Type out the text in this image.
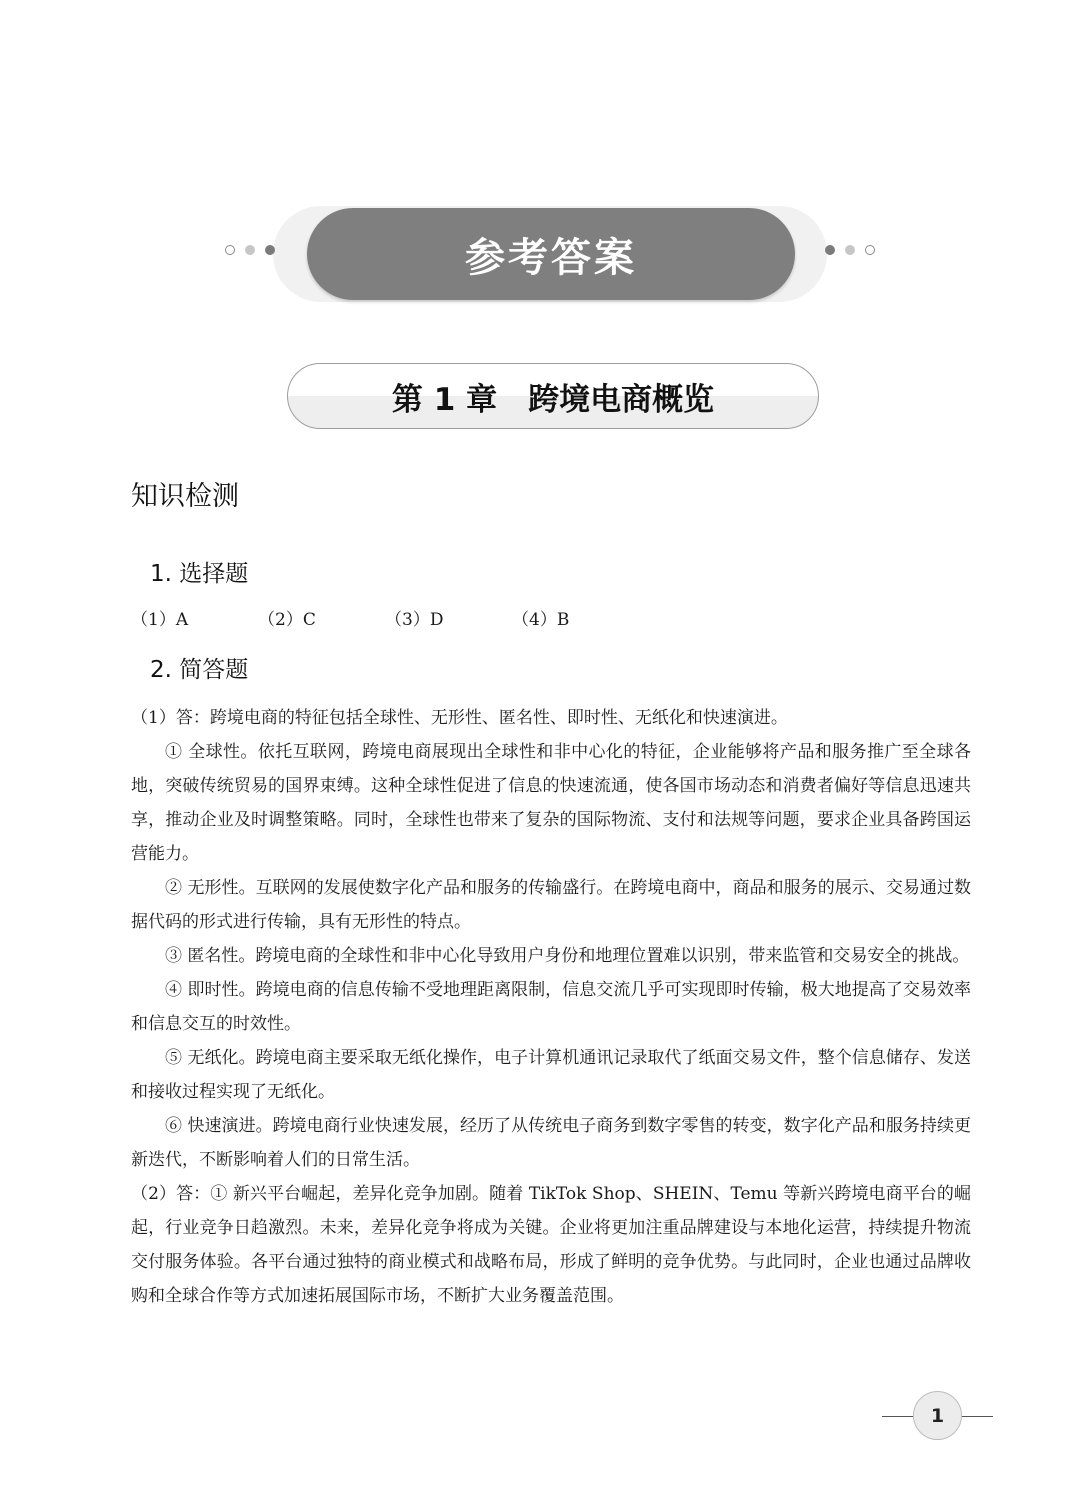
参考答案
第 1 章　跨境电商概览
知识检测
1. 选择题
（1）A	（2）C	（3）D	（4）B
2. 简答题

（1）答：跨境电商的特征包括全球性、无形性、匿名性、即时性、无纸化和快速演进。

① 全球性。依托互联网，跨境电商展现出全球性和非中心化的特征，企业能够将产品和服务推广至全球各地，突破传统贸易的国界束缚。这种全球性促进了信息的快速流通，使各国市场动态和消费者偏好等信息迅速共享，推动企业及时调整策略。同时，全球性也带来了复杂的国际物流、支付和法规等问题，要求企业具备跨国运营能力。

② 无形性。互联网的发展使数字化产品和服务的传输盛行。在跨境电商中，商品和服务的展示、交易通过数据代码的形式进行传输，具有无形性的特点。

③ 匿名性。跨境电商的全球性和非中心化导致用户身份和地理位置难以识别，带来监管和交易安全的挑战。

④ 即时性。跨境电商的信息传输不受地理距离限制，信息交流几乎可实现即时传输，极大地提高了交易效率和信息交互的时效性。

⑤ 无纸化。跨境电商主要采取无纸化操作，电子计算机通讯记录取代了纸面交易文件，整个信息储存、发送和接收过程实现了无纸化。

⑥ 快速演进。跨境电商行业快速发展，经历了从传统电子商务到数字零售的转变，数字化产品和服务持续更新迭代，不断影响着人们的日常生活。

（2）答：① 新兴平台崛起，差异化竞争加剧。随着 TikTok Shop、SHEIN、Temu 等新兴跨境电商平台的崛起，行业竞争日趋激烈。未来，差异化竞争将成为关键。企业将更加注重品牌建设与本地化运营，持续提升物流交付服务体验。各平台通过独特的商业模式和战略布局，形成了鲜明的竞争优势。与此同时，企业也通过品牌收购和全球合作等方式加速拓展国际市场，不断扩大业务覆盖范围。

1
